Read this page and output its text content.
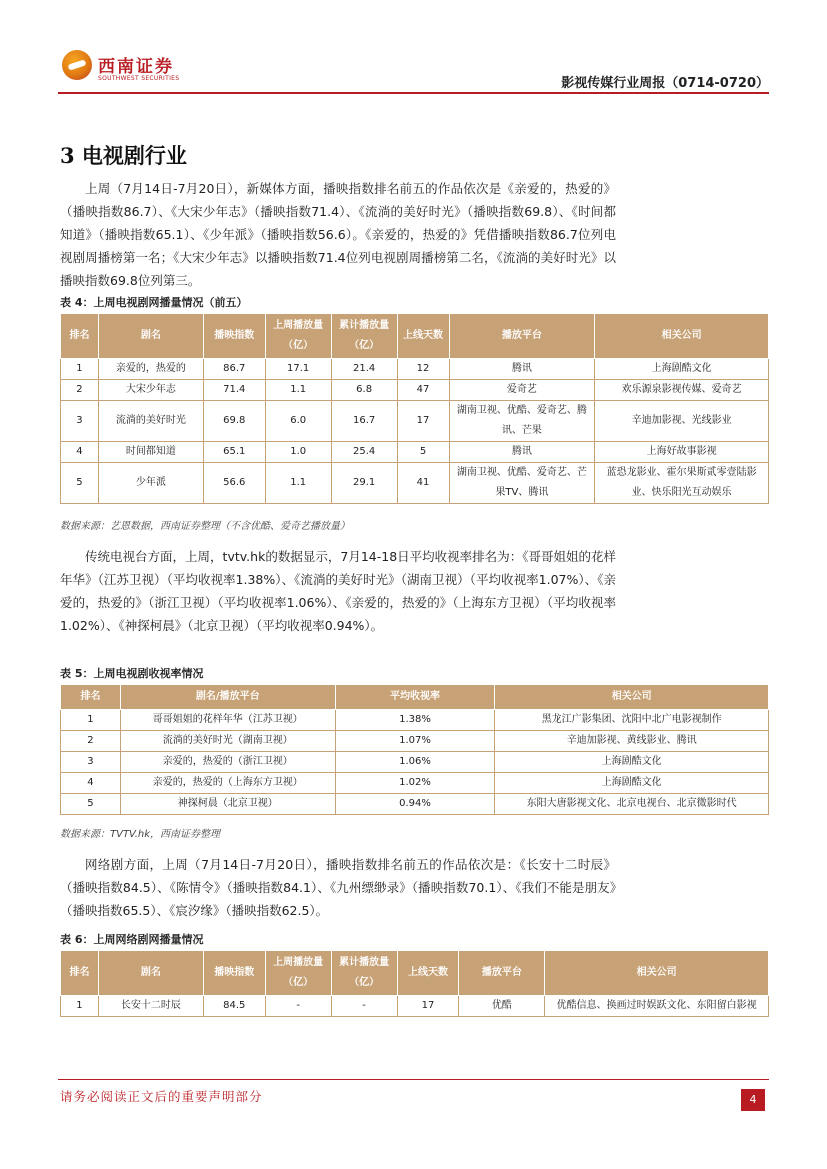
西南证券
SOUTHWEST SECURITIES	影视传媒行业周报（0714-0720）
3 电视剧行业
上周（7月14日-7月20日），新媒体方面，播映指数排名前五的作品依次是《亲爱的，热爱的》（播映指数86.7）、《大宋少年志》（播映指数71.4）、《流淌的美好时光》（播映指数69.8）、《时间都知道》（播映指数65.1）、《少年派》（播映指数56.6）。《亲爱的，热爱的》凭借播映指数86.7位列电视剧周播榜第一名；《大宋少年志》以播映指数71.4位列电视剧周播榜第二名，《流淌的美好时光》以播映指数69.8位列第三。
表 4：上周电视剧网播量情况（前五）
排名	剧名	播映指数	上周播放量（亿）	累计播放量（亿）	上线天数	播放平台	相关公司
1	亲爱的，热爱的	86.7	17.1	21.4	12	腾讯	上海剧酷文化
2	大宋少年志	71.4	1.1	6.8	47	爱奇艺	欢乐源泉影视传媒、爱奇艺
3	流淌的美好时光	69.8	6.0	16.7	17	湖南卫视、优酷、爱奇艺、腾讯、芒果	辛迪加影视、光线影业
4	时间都知道	65.1	1.0	25.4	5	腾讯	上海好故事影视
5	少年派	56.6	1.1	29.1	41	湖南卫视、优酷、爱奇艺、芒果TV、腾讯	蓝恐龙影业、霍尔果斯贰零壹陆影业、快乐阳光互动娱乐
数据来源：艺恩数据，西南证券整理（不含优酷、爱奇艺播放量）
传统电视台方面，上周，tvtv.hk的数据显示，7月14-18日平均收视率排名为：《哥哥姐姐的花样年华》（江苏卫视）（平均收视率1.38%）、《流淌的美好时光》（湖南卫视）（平均收视率1.07%）、《亲爱的，热爱的》（浙江卫视）（平均收视率1.06%）、《亲爱的，热爱的》（上海东方卫视）（平均收视率1.02%）、《神探柯晨》（北京卫视）（平均收视率0.94%）。
表 5：上周电视剧收视率情况
排名	剧名/播放平台	平均收视率	相关公司
1	哥哥姐姐的花样年华（江苏卫视）	1.38%	黑龙江广影集团、沈阳中北广电影视制作
2	流淌的美好时光（湖南卫视）	1.07%	辛迪加影视、黄线影业、腾讯
3	亲爱的，热爱的（浙江卫视）	1.06%	上海剧酷文化
4	亲爱的，热爱的（上海东方卫视）	1.02%	上海剧酷文化
5	神探柯晨（北京卫视）	0.94%	东阳大唐影视文化、北京电视台、北京微影时代
数据来源：TVTV.hk，西南证券整理
网络剧方面，上周（7月14日-7月20日），播映指数排名前五的作品依次是：《长安十二时辰》（播映指数84.5）、《陈情令》（播映指数84.1）、《九州缥缈录》（播映指数70.1）、《我们不能是朋友》（播映指数65.5）、《宸汐缘》（播映指数62.5）。
表 6：上周网络剧网播量情况
排名	剧名	播映指数	上周播放量（亿）	累计播放量（亿）	上线天数	播放平台	相关公司
1	长安十二时辰	84.5	-	-	17	优酷	优酷信息、换画过时娱跃文化、东阳留白影视
请务必阅读正文后的重要声明部分	4
